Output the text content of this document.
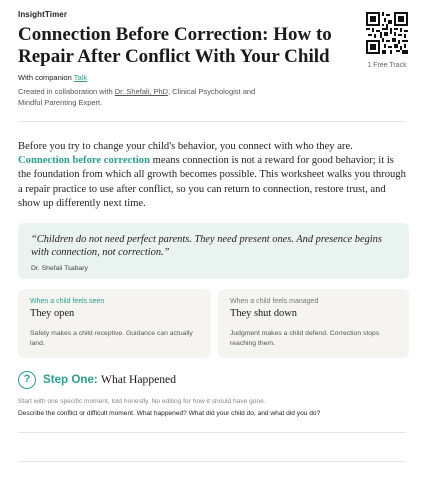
InsightTimer
Connection Before Correction: How to Repair After Conflict With Your Child
With companion Talk
Created in collaboration with Dr. Shefali, PhD, Clinical Psychologist and Mindful Parenting Expert.
1 Free Track

Before you try to change your child's behavior, you connect with who they are. Connection before correction means connection is not a reward for good behavior; it is the foundation from which all growth becomes possible. This worksheet walks you through a repair practice to use after conflict, so you can return to connection, restore trust, and show up differently next time.

“Children do not need perfect parents. They need present ones. And presence begins with connection, not correction.”
Dr. Shefali Tsabary
When a child feels seen
They open
Safety makes a child receptive. Guidance can actually land.
When a child feels managed
They shut down
Judgment makes a child defend. Correction stops reaching them.
?	Step One: What Happened
Start with one specific moment, told honestly. No editing for how it should have gone.
Describe the conflict or difficult moment. What happened? What did your child do, and what did you do?
